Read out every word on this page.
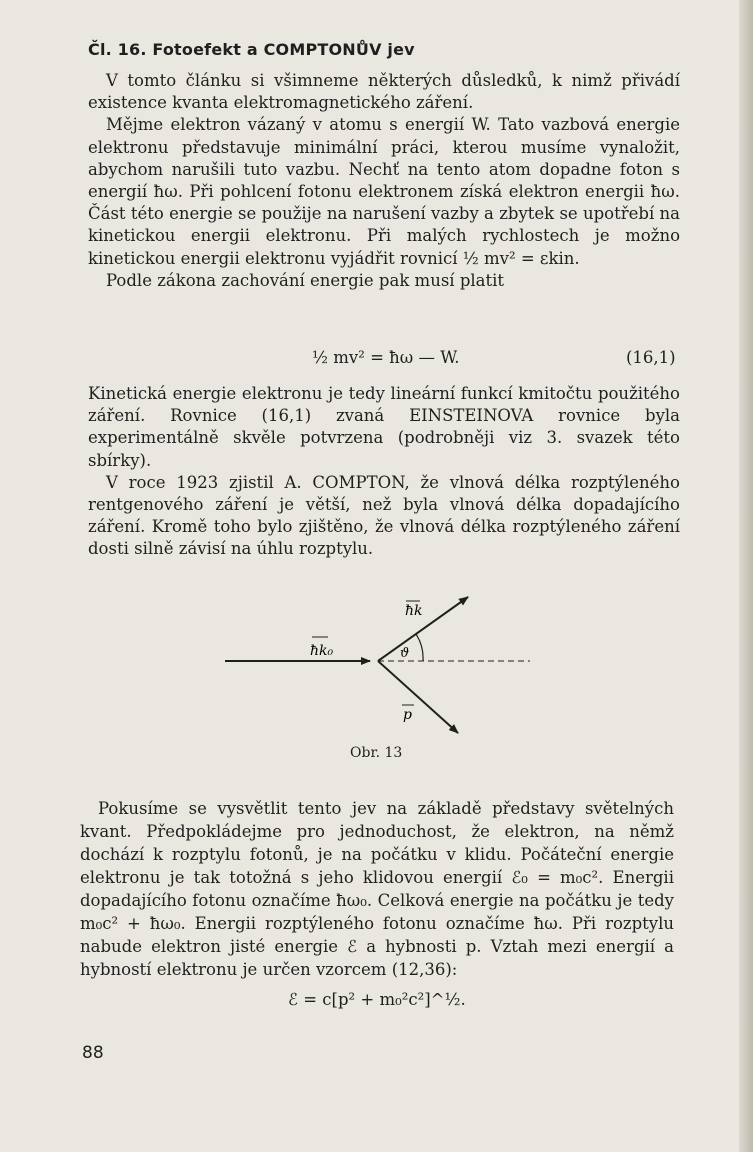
Čl. 16. Fotoefekt a COMPTONŮV jev

V tomto článku si všimneme některých důsledků, k nimž přivádí existence kvanta elektromagnetického záření.

Mějme elektron vázaný v atomu s energií W. Tato vazbová energie elektronu představuje minimální práci, kterou musíme vynaložit, abychom narušili tuto vazbu. Nechť na tento atom dopadne foton s energií ħω. Při pohlcení fotonu elektronem získá elektron energii ħω. Část této energie se použije na narušení vazby a zbytek se upotřebí na kinetickou energii elektronu. Při malých rychlostech je možno kinetickou energii elektronu vyjádřit rovnicí ½ mv² = εkin.

Podle zákona zachování energie pak musí platit

½ mv² = ħω — W.	(16,1)

Kinetická energie elektronu je tedy lineární funkcí kmitočtu použitého záření. Rovnice (16,1) zvaná EINSTEINOVA rovnice byla experimentálně skvěle potvrzena (podrobněji viz 3. svazek této sbírky).

V roce 1923 zjistil A. COMPTON, že vlnová délka rozptýleného rentgenového záření je větší, než byla vlnová délka dopadajícího záření. Kromě toho bylo zjištěno, že vlnová délka rozptýleného záření dosti silně závisí na úhlu rozptylu.

ħk
ħk₀	ϑ
p
Obr. 13

Pokusíme se vysvětlit tento jev na základě představy světelných kvant. Předpokládejme pro jednoduchost, že elektron, na němž dochází k rozptylu fotonů, je na počátku v klidu. Počáteční energie elektronu je tak totožná s jeho klidovou energií ℰ₀ = m₀c². Energii dopadajícího fotonu označíme ħω₀. Celková energie na počátku je tedy m₀c² + ħω₀. Energii rozptýleného fotonu označíme ħω. Při rozptylu nabude elektron jisté energie ℰ a hybnosti p. Vztah mezi energií a hybností elektronu je určen vzorcem (12,36):

ℰ = c[p² + m₀²c²]^½.
88
